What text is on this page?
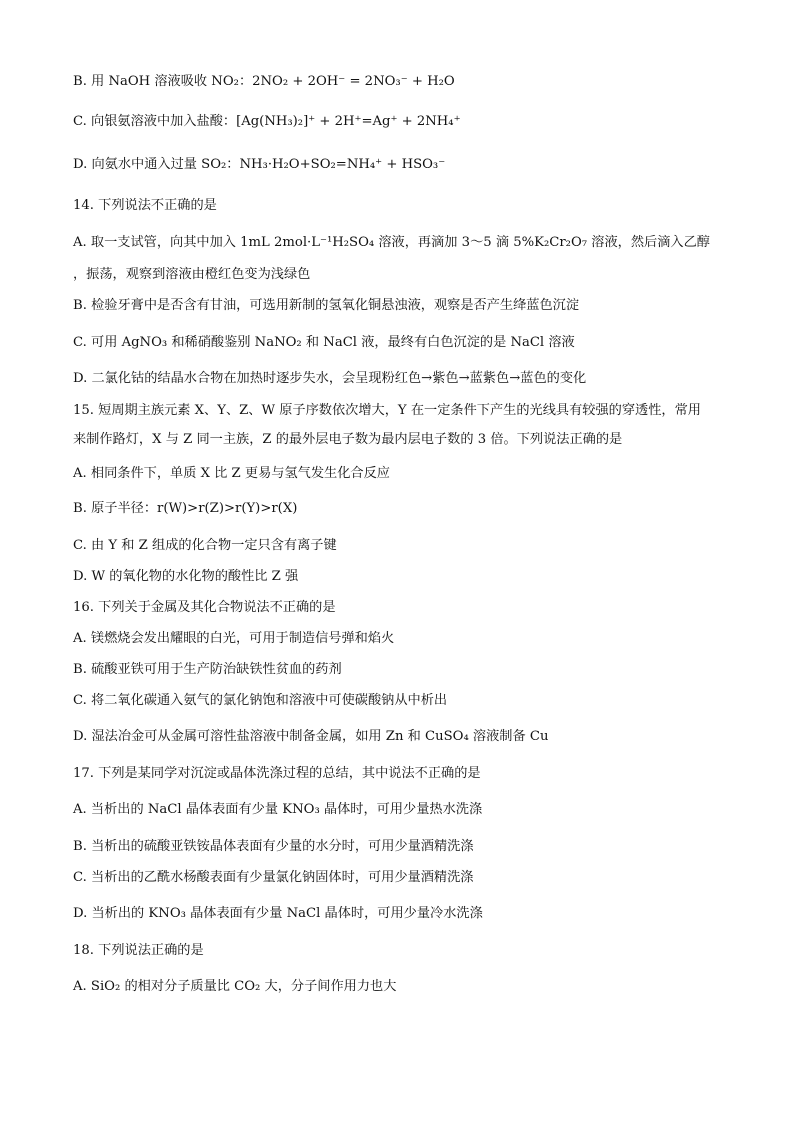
B. 用 NaOH 溶液吸收 NO₂：2NO₂ + 2OH⁻ = 2NO₃⁻ + H₂O
C. 向银氨溶液中加入盐酸：[Ag(NH₃)₂]⁺ + 2H⁺=Ag⁺ + 2NH₄⁺
D. 向氨水中通入过量 SO₂：NH₃·H₂O+SO₂=NH₄⁺ + HSO₃⁻
14. 下列说法不正确的是
A. 取一支试管，向其中加入 1mL 2mol·L⁻¹H₂SO₄ 溶液，再滴加 3～5 滴 5%K₂Cr₂O₇ 溶液，然后滴入乙醇
，振荡，观察到溶液由橙红色变为浅绿色
B. 检验牙膏中是否含有甘油，可选用新制的氢氧化铜悬浊液，观察是否产生绛蓝色沉淀
C. 可用 AgNO₃ 和稀硝酸鉴别 NaNO₂ 和 NaCl 液，最终有白色沉淀的是 NaCl 溶液
D. 二氯化钴的结晶水合物在加热时逐步失水，会呈现粉红色→紫色→蓝紫色→蓝色的变化
15. 短周期主族元素 X、Y、Z、W 原子序数依次增大，Y 在一定条件下产生的光线具有较强的穿透性，常用
来制作路灯，X 与 Z 同一主族，Z 的最外层电子数为最内层电子数的 3 倍。下列说法正确的是
A. 相同条件下，单质 X 比 Z 更易与氢气发生化合反应
B. 原子半径：r(W)>r(Z)>r(Y)>r(X)
C. 由 Y 和 Z 组成的化合物一定只含有离子键
D. W 的氧化物的水化物的酸性比 Z 强
16. 下列关于金属及其化合物说法不正确的是
A. 镁燃烧会发出耀眼的白光，可用于制造信号弹和焰火
B. 硫酸亚铁可用于生产防治缺铁性贫血的药剂
C. 将二氧化碳通入氨气的氯化钠饱和溶液中可使碳酸钠从中析出
D. 湿法冶金可从金属可溶性盐溶液中制备金属，如用 Zn 和 CuSO₄ 溶液制备 Cu
17. 下列是某同学对沉淀或晶体洗涤过程的总结，其中说法不正确的是
A. 当析出的 NaCl 晶体表面有少量 KNO₃ 晶体时，可用少量热水洗涤
B. 当析出的硫酸亚铁铵晶体表面有少量的水分时，可用少量酒精洗涤
C. 当析出的乙酰水杨酸表面有少量氯化钠固体时，可用少量酒精洗涤
D. 当析出的 KNO₃ 晶体表面有少量 NaCl 晶体时，可用少量冷水洗涤
18. 下列说法正确的是
A. SiO₂ 的相对分子质量比 CO₂ 大，分子间作用力也大
